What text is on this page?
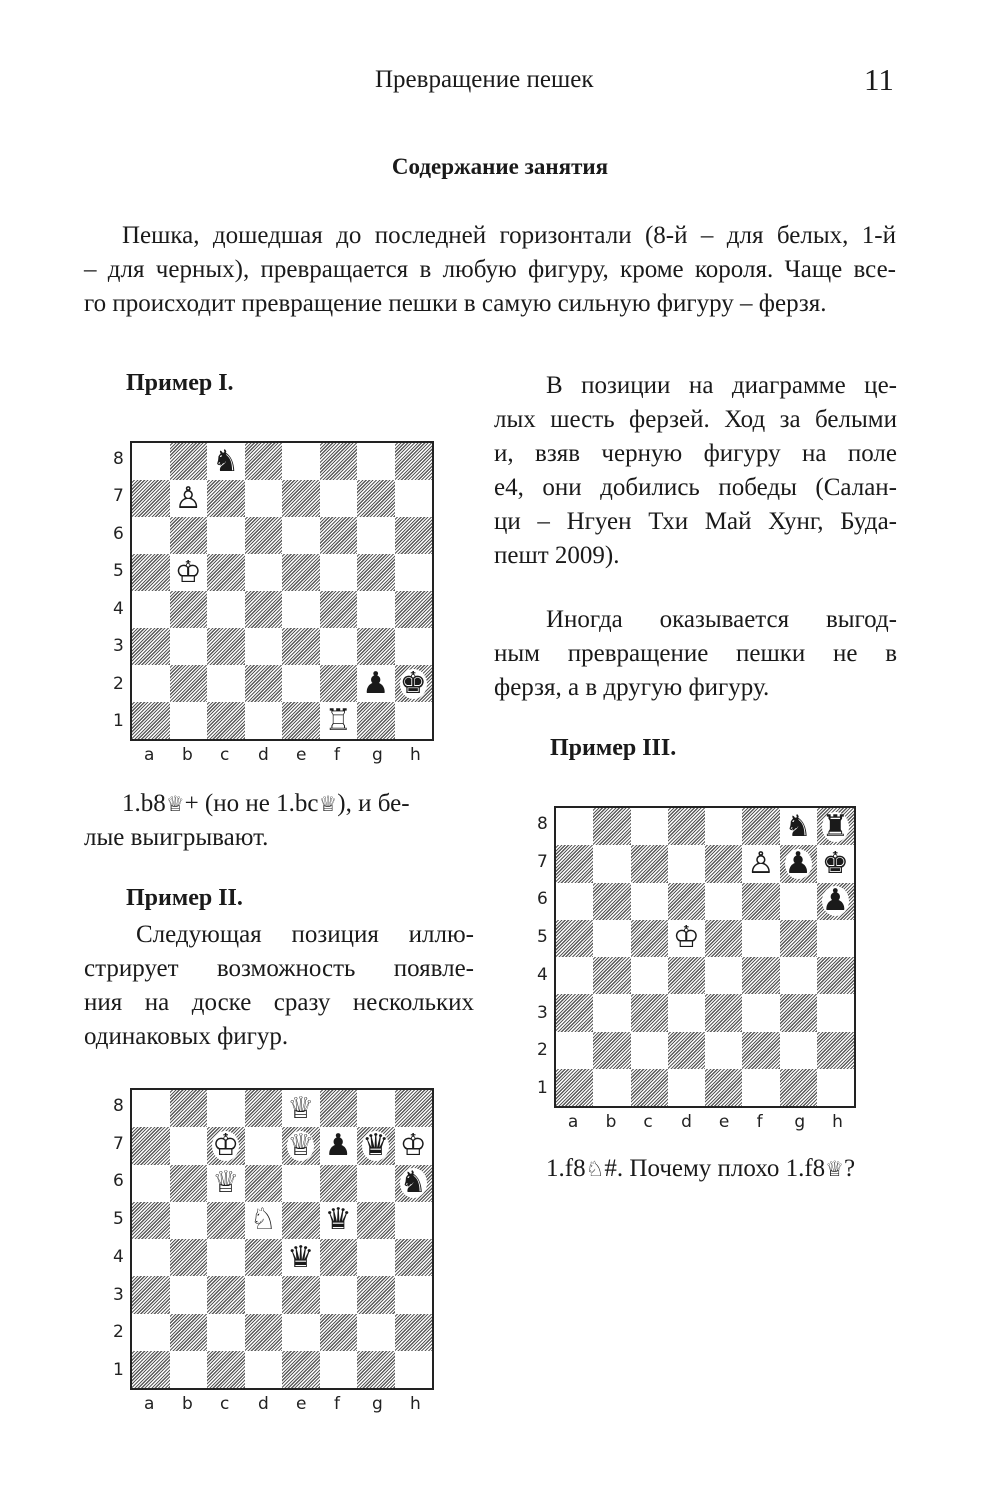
Превращение пешек	11
Содержание занятия
Пешка, дошедшая до последней горизонтали (8-й – для белых, 1-й
– для черных), превращается в любую фигуру, кроме короля. Чаще все-
го происходит превращение пешки в самую сильную фигуру – ферзя.
Пример I.
♞
♙
♔
♟ ♚
♖
1.b8♕+ (но не 1.bc♕), и бе-
лые выигрывают.
Пример II.
Следующая позиция иллю-
стрирует возможность появле-
ния на доске сразу нескольких
одинаковых фигур.
♕
♔ ♕ ♟ ♛ ♔
♕	♞
♘ ♛
♛
В позиции на диаграмме це-
лых шесть ферзей. Ход за белыми
и, взяв черную фигуру на поле
e4, они добились победы (Салан-
ци – Нгуен Тхи Май Хунг, Буда-
пешт 2009).
Иногда оказывается выгод-
ным превращение пешки не в
ферзя, а в другую фигуру.
Пример III.
♞ ♜
♙ ♟ ♚
♟
♔
1.f8♘#. Почему плохо 1.f8♕?
8
7
6
5
4
3
2
1
a b c d e f g h
8
7
6
5
4
3
2
1
a b c d e f g h
8
7
6
5
4
3
2
1
a b c d e f g h
